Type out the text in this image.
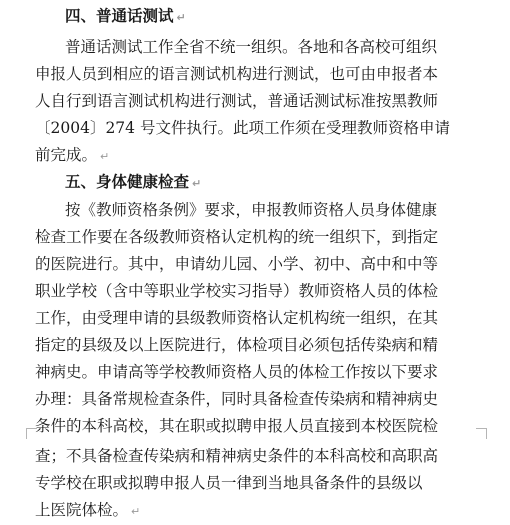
四、普通话测试 ↵
普通话测试工作全省不统一组织。各地和各高校可组织
申报人员到相应的语言测试机构进行测试，也可由申报者本
人自行到语言测试机构进行测试，普通话测试标准按黑教师
〔2004〕274 号文件执行。此项工作须在受理教师资格申请
前完成。 ↵
五、身体健康检查 ↵
按《教师资格条例》要求，申报教师资格人员身体健康
检查工作要在各级教师资格认定机构的统一组织下，到指定
的医院进行。其中，申请幼儿园、小学、初中、高中和中等
职业学校（含中等职业学校实习指导）教师资格人员的体检
工作，由受理申请的县级教师资格认定机构统一组织，在其
指定的县级及以上医院进行，体检项目必须包括传染病和精
神病史。申请高等学校教师资格人员的体检工作按以下要求
办理：具备常规检查条件，同时具备检查传染病和精神病史
条件的本科高校，其在职或拟聘申报人员直接到本校医院检
查；不具备检查传染病和精神病史条件的本科高校和高职高
专学校在职或拟聘申报人员一律到当地具备条件的县级以
上医院体检。 ↵
